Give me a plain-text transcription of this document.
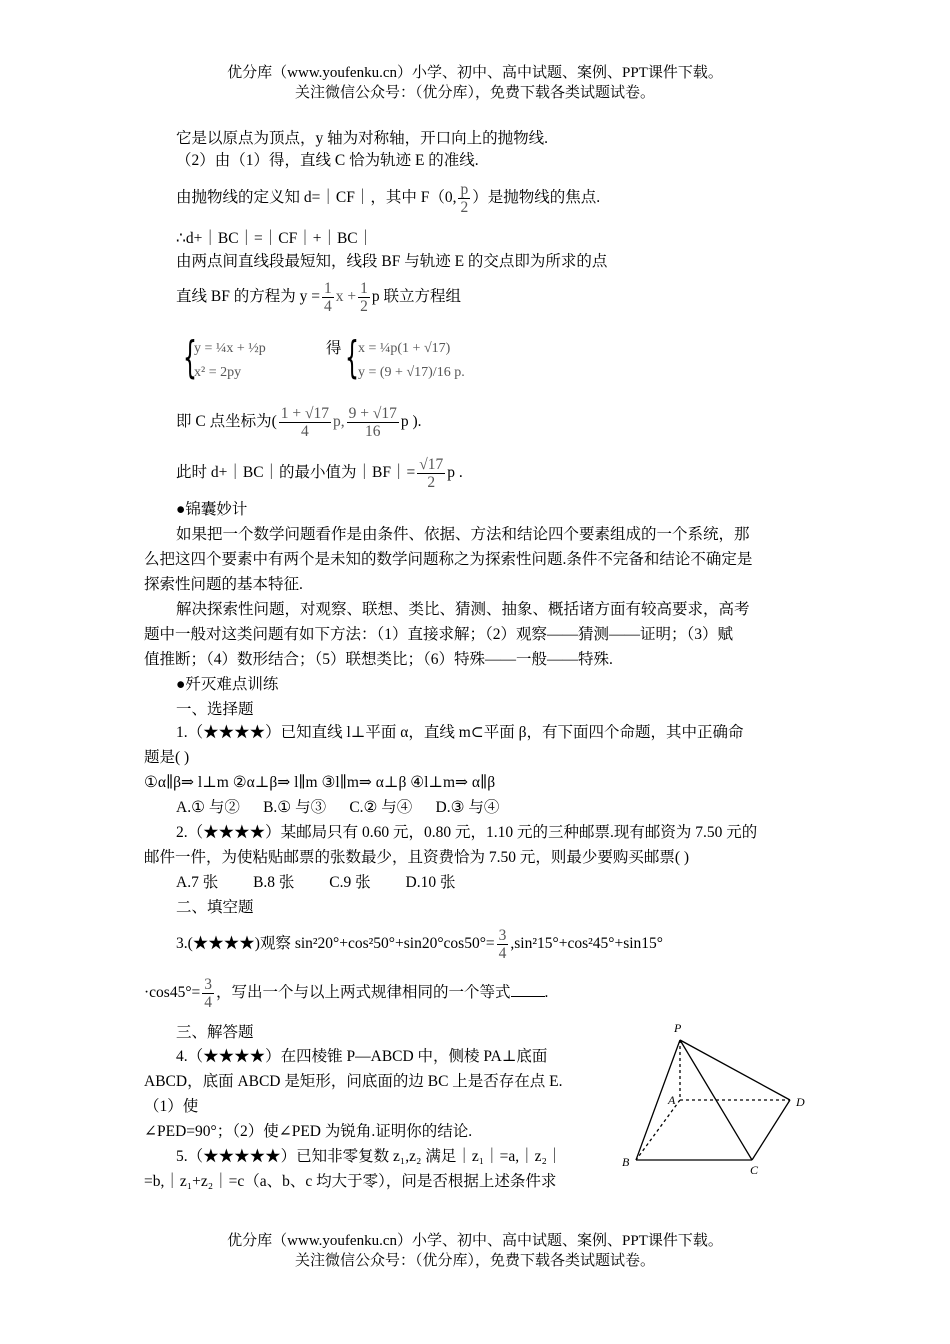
优分库（www.youfenku.cn）小学、初中、高中试题、案例、PPT课件下载。
关注微信公众号：（优分库），免费下载各类试题试卷。
它是以原点为顶点，y 轴为对称轴，开口向上的抛物线.
（2）由（1）得，直线 C 恰为轨迹 E 的准线.
由抛物线的定义知 d=｜CF｜，其中 F（0, $\frac{p}{2}$ ）是抛物线的焦点.
∴d+｜BC｜=｜CF｜+｜BC｜
由两点间直线段最短知，线段 BF 与轨迹 E 的交点即为所求的点
直线 BF 的方程为 $y = \frac{1}{4}$ $x + \frac{1}{2}$ p 联立方程组
{
y = ¼x + ½p
x² = 2py
得 { x = ¼p(1 + √17)
y = (9 + √17)/16 p.
即 C 点坐标为( $\frac{1 + √17}{4} p$, $\frac{9 + √17}{16}$ p ).
此时 d+｜BC｜的最小值为｜BF｜= $\frac{√17}{2}$ p .
●锦囊妙计
如果把一个数学问题看作是由条件、依据、方法和结论四个要素组成的一个系统，那
么把这四个要素中有两个是未知的数学问题称之为探索性问题.条件不完备和结论不确定是
探索性问题的基本特征.
解决探索性问题，对观察、联想、类比、猜测、抽象、概括诸方面有较高要求，高考
题中一般对这类问题有如下方法：（1）直接求解；（2）观察——猜测——证明；（3）赋
值推断；（4）数形结合；（5）联想类比；（6）特殊——一般——特殊.
●歼灭难点训练
一、选择题
1.（★★★★）已知直线 l⊥平面 α，直线 m⊂平面 β，有下面四个命题，其中正确命
题是( )
①α∥β⇒ l⊥m ②α⊥β⇒ l∥m ③l∥m⇒ α⊥β ④l⊥m⇒ α∥β
A.① 与②      B.① 与③      C.② 与④      D.③ 与④
2.（★★★★）某邮局只有 0.60 元，0.80 元，1.10 元的三种邮票.现有邮资为 7.50 元的
邮件一件，为使粘贴邮票的张数最少，且资费恰为 7.50 元，则最少要购买邮票( )
A.7 张         B.8 张         C.9 张         D.10 张
二、填空题
3.(★★★★)观察 $\sin^220^\circ+\cos^250^\circ+\sin 20^\circ\cos 50^\circ= \frac{3}{4} ,\sin^215^\circ+\cos^245^\circ+\sin 15^\circ$
$\cdot\cos 45^\circ= \frac{3}{4}$ ，写出一个与以上两式规律相同的一个等式 .
三、解答题
4.（★★★★）在四棱锥 P—ABCD 中，侧棱 PA⊥底面
ABCD，底面 ABCD 是矩形，问底面的边 BC 上是否存在点 E.
（1）使
∠PED=90°；（2）使∠PED 为锐角.证明你的结论.
5.（★★★★★）已知非零复数 z₁,z₂ 满足｜z₁｜=a,｜z₂｜
=b,｜z₁+z₂｜=c（a、b、c 均大于零），问是否根据上述条件求
P
A	D
B
C
优分库（www.youfenku.cn）小学、初中、高中试题、案例、PPT课件下载。
关注微信公众号：（优分库），免费下载各类试题试卷。
